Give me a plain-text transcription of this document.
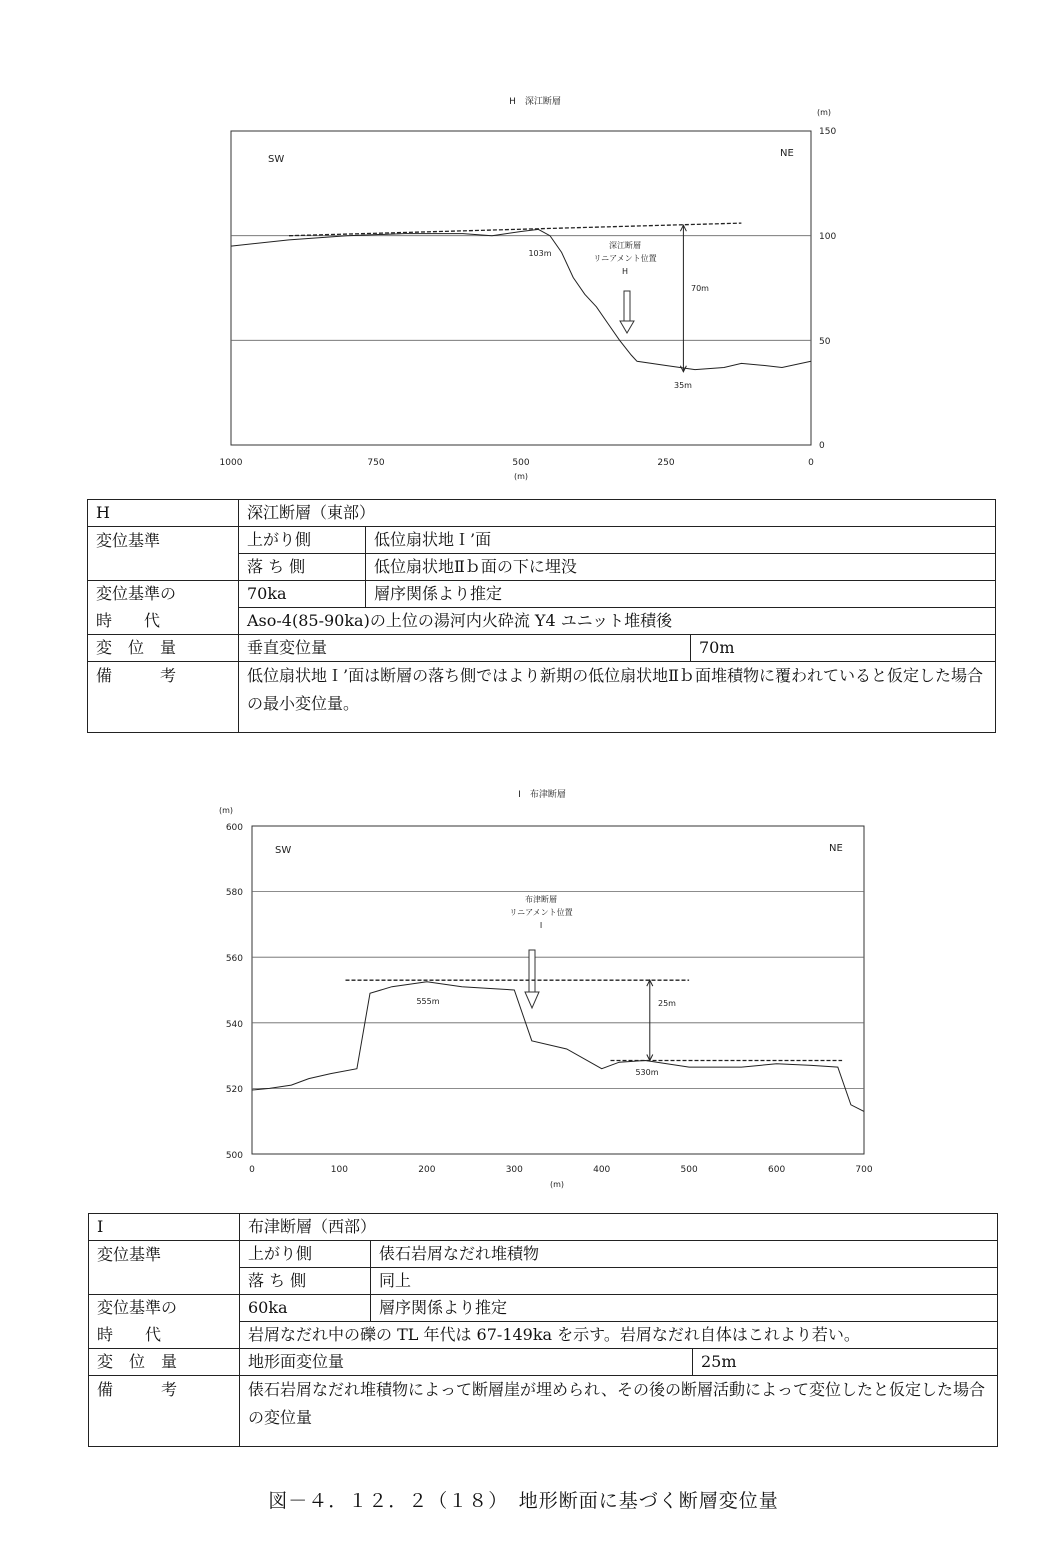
H　深江断層
(m)
150
100
50
0
1000	750	500	250	0
(m)
SW
NE
深江断層
リニアメント位置
H
103m
35m
70m
H	深江断層（東部）		
変位基準	上がり側	低位扇状地Ｉ’面	
	落 ち 側	低位扇状地Ⅱｂ面の下に埋没	
変位基準の	70ka	層序関係より推定	
時　　代	Aso-4(85-90ka)の上位の湯河内火砕流 Y4 ユニット堆積後		
変　位　量	垂直変位量		70m
備　　　考	低位扇状地Ｉ’面は断層の落ち側ではより新期の低位扇状地Ⅱｂ面堆積物に覆われていると仮定した場合の最小変位量。		
I　布津断層
(m)
600
580
560
540
520
500
0	100	200	300	400	500	600	700
(m)
SW	NE
布津断層
リニアメント位置
I
555m
530m
25m
I	布津断層（西部）		
変位基準	上がり側	俵石岩屑なだれ堆積物	
	落 ち 側	同上	
変位基準の	60ka	層序関係より推定	
時　　代	岩屑なだれ中の礫の TL 年代は 67-149ka を示す。岩屑なだれ自体はこれより若い。		
変　位　量	地形面変位量		25m
備　　　考	俵石岩屑なだれ堆積物によって断層崖が埋められ、その後の断層活動によって変位したと仮定した場合の変位量		
図－４．１２．２（１８）　地形断面に基づく断層変位量
